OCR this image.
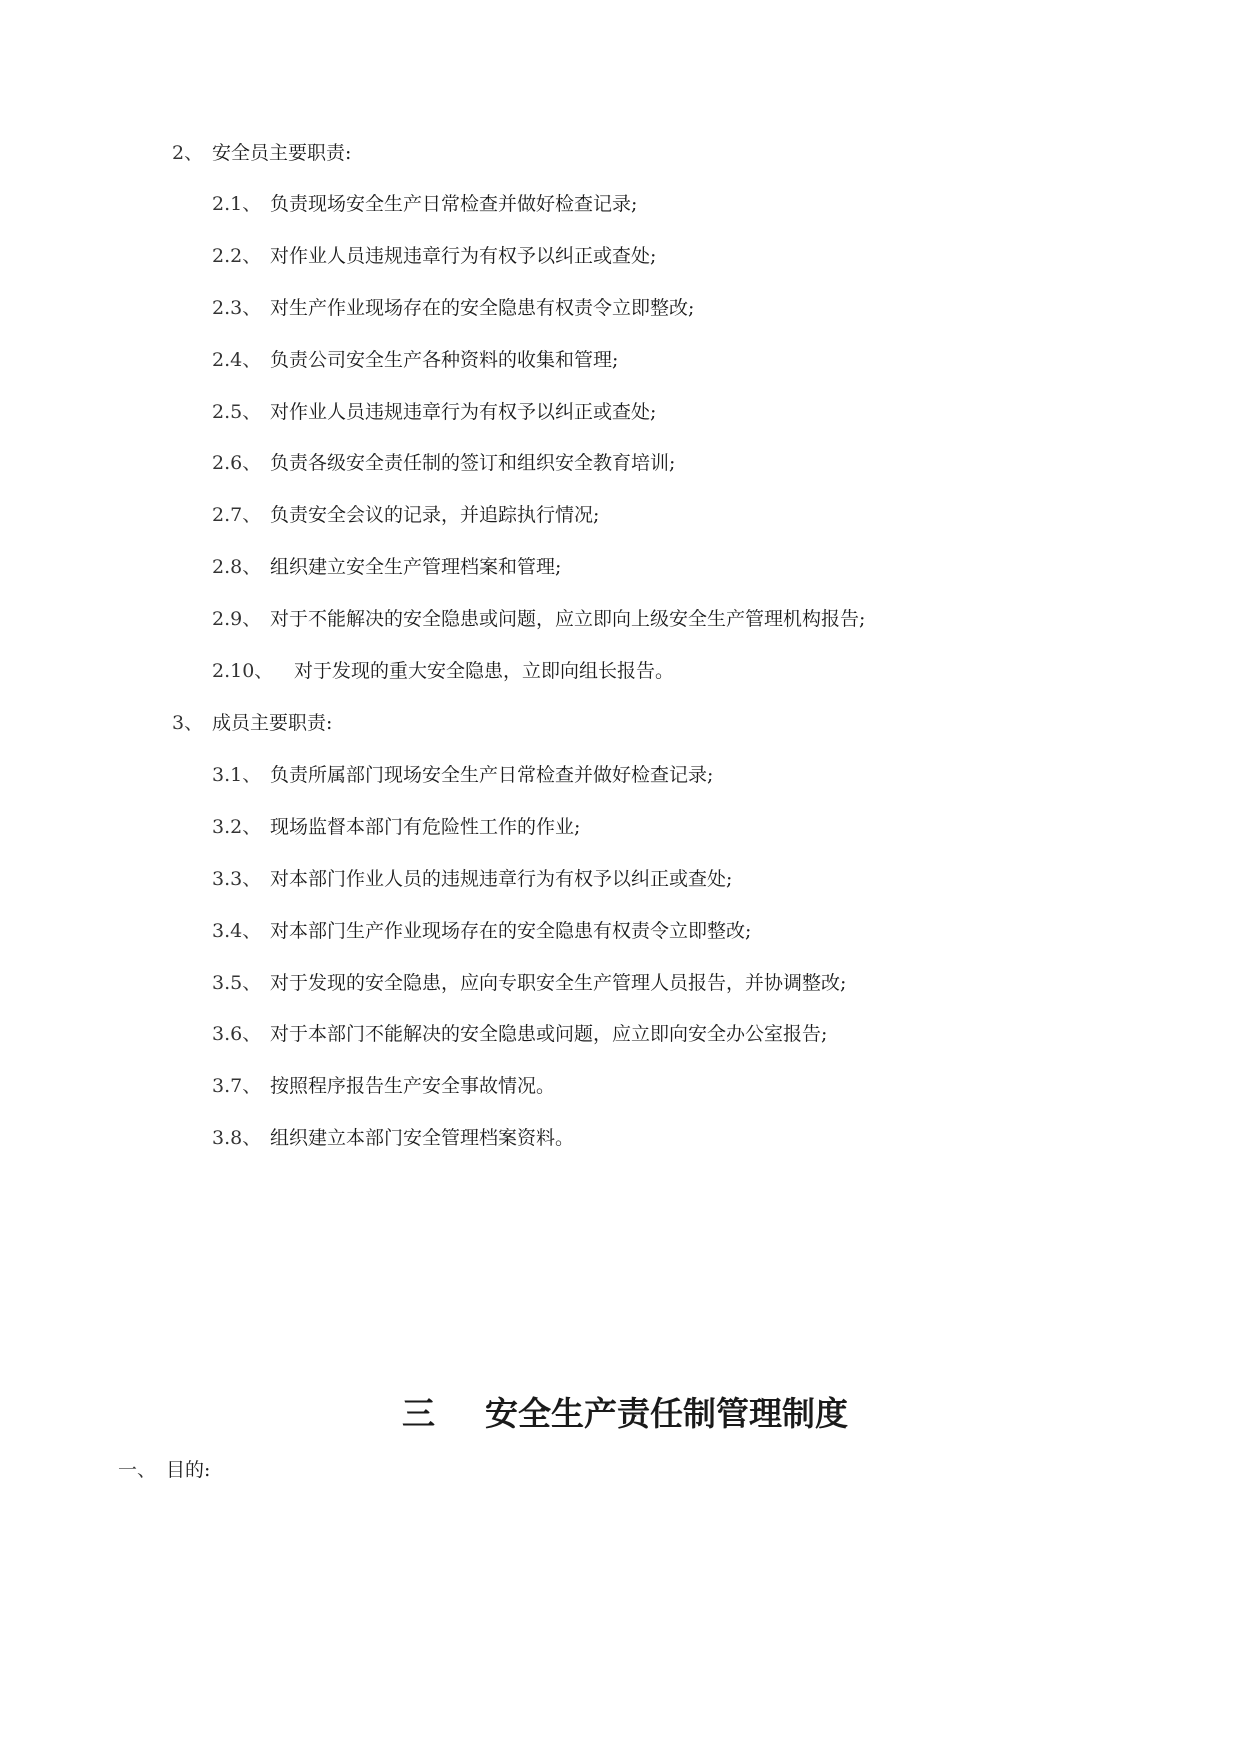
2、 安全员主要职责:
2.1、 负责现场安全生产日常检查并做好检查记录;
2.2、 对作业人员违规违章行为有权予以纠正或查处;
2.3、 对生产作业现场存在的安全隐患有权责令立即整改;
2.4、 负责公司安全生产各种资料的收集和管理;
2.5、 对作业人员违规违章行为有权予以纠正或查处;
2.6、 负责各级安全责任制的签订和组织安全教育培训;
2.7、 负责安全会议的记录，并追踪执行情况;
2.8、 组织建立安全生产管理档案和管理;
2.9、 对于不能解决的安全隐患或问题，应立即向上级安全生产管理机构报告;
2.10、 对于发现的重大安全隐患，立即向组长报告。
3、 成员主要职责:
3.1、 负责所属部门现场安全生产日常检查并做好检查记录;
3.2、 现场监督本部门有危险性工作的作业;
3.3、 对本部门作业人员的违规违章行为有权予以纠正或查处;
3.4、 对本部门生产作业现场存在的安全隐患有权责令立即整改;
3.5、 对于发现的安全隐患，应向专职安全生产管理人员报告，并协调整改;
3.6、 对于本部门不能解决的安全隐患或问题，应立即向安全办公室报告;
3.7、 按照程序报告生产安全事故情况。
3.8、 组织建立本部门安全管理档案资料。
三 安全生产责任制管理制度
一、 目的:
